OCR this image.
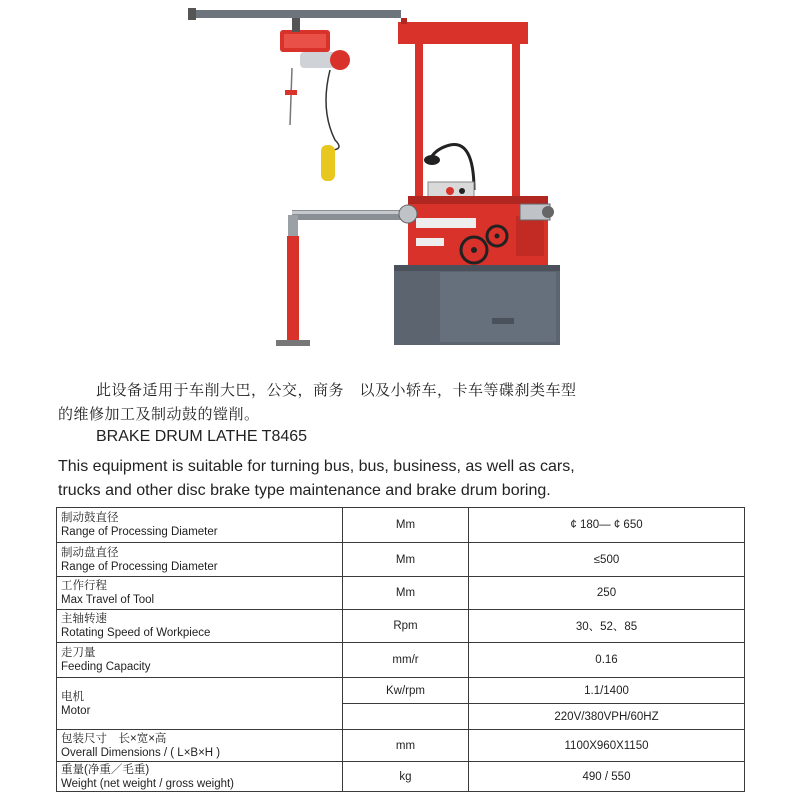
此设备适用于车削大巴，公交，商务　以及小轿车，卡车等碟刹类车型
的维修加工及制动鼓的镗削。
BRAKE DRUM LATHE T8465
This equipment is suitable for turning bus, bus, business, as well as cars,
trucks and other disc brake type maintenance and brake drum boring.
制动鼓直径
Range of Processing Diameter	Mm	¢ 180— ¢ 650

制动盘直径
Range of Processing Diameter	Mm	≤500

工作行程
Max Travel of Tool	Mm	250

主轴转速
Rotating Speed of Workpiece	Rpm	30、52、85

走刀量
Feeding Capacity	mm/r	0.16

电机
Motor	Kw/rpm	1.1/1400
		220V/380VPH/60HZ

包装尺寸　长×宽×高
Overall Dimensions / ( L×B×H )	mm	1100X960X1150

重量(净重／毛重)
Weight (net weight / gross weight)	kg	490 / 550
